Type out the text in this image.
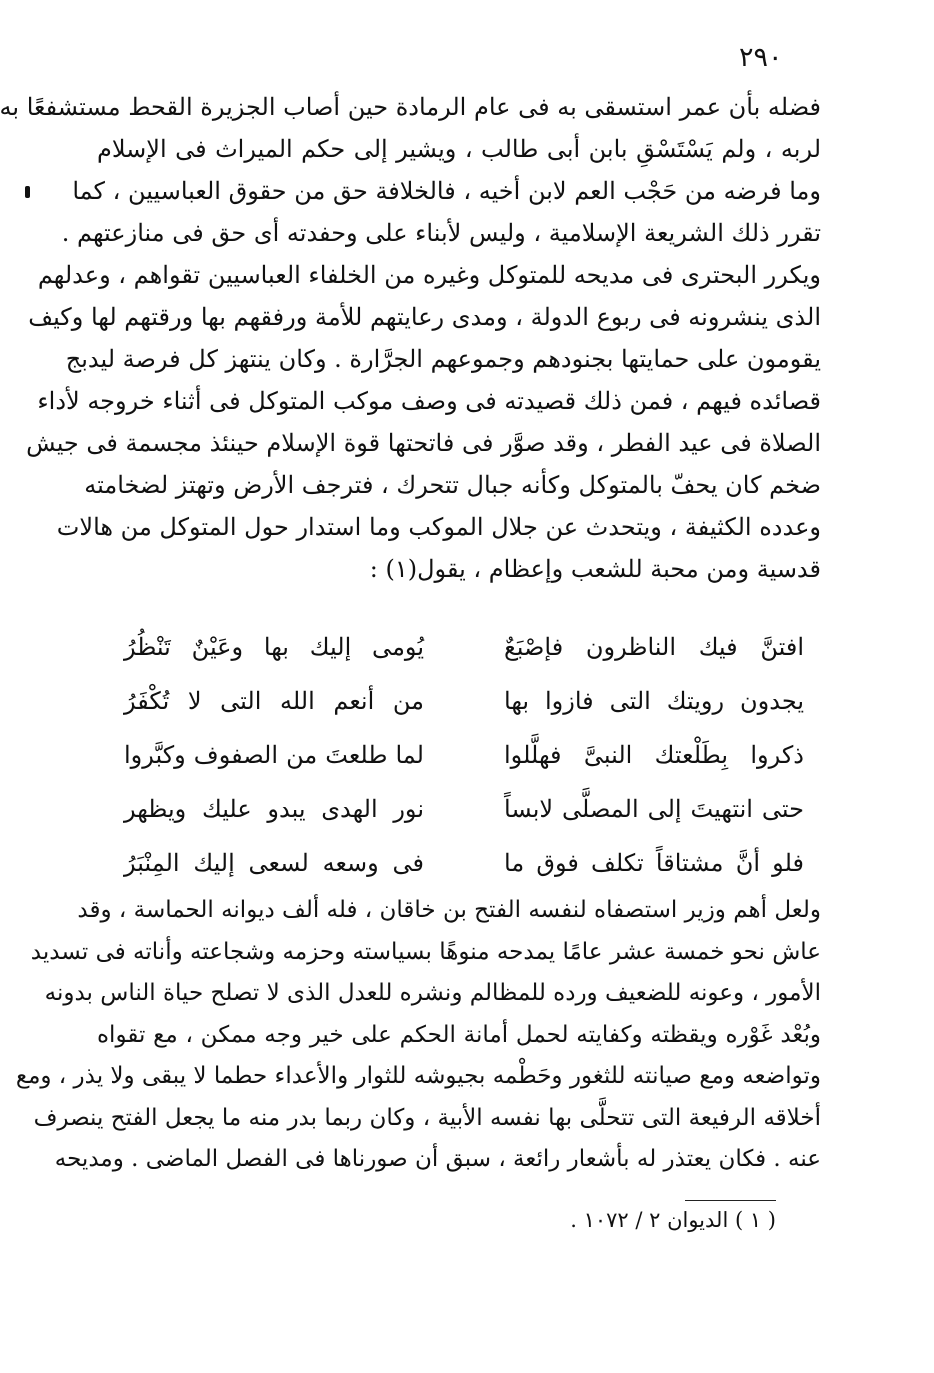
٢٩٠
فضله بأن عمر استسقى به فى عام الرمادة حين أصاب الجزيرة القحط مستشفعًا به
لربه ، ولم يَسْتَسْقِ بابن أبى طالب ، ويشير إلى حكم الميراث فى الإسلام
وما فرضه من حَجْب العم لابن أخيه ، فالخلافة حق من حقوق العباسيين ، كما
تقرر ذلك الشريعة الإسلامية ، وليس لأبناء على وحفدته أى حق فى منازعتهم .
ويكرر البحترى فى مديحه للمتوكل وغيره من الخلفاء العباسيين تقواهم ، وعدلهم
الذى ينشرونه فى ربوع الدولة ، ومدى رعايتهم للأمة ورفقهم بها ورقتهم لها وكيف
يقومون على حمايتها بجنودهم وجموعهم الجرَّارة . وكان ينتهز كل فرصة ليدبج
قصائده فيهم ، فمن ذلك قصيدته فى وصف موكب المتوكل فى أثناء خروجه لأداء
الصلاة فى عيد الفطر ، وقد صوَّر فى فاتحتها قوة الإسلام حينئذ مجسمة فى جيش
ضخم كان يحفّ بالمتوكل وكأنه جبال تتحرك ، فترجف الأرض وتهتز لضخامته
وعدده الكثيفة ، ويتحدث عن جلال الموكب وما استدار حول المتوكل من هالات
قدسية ومن محبة للشعب وإعظام ، يقول(١) :
افتنَّ فيك الناظرون فإصْبَعٌ
يُومى إليك بها وعَيْنٌ تَنْظُرُ
يجدون رويتك التى فازوا بها
من أنعم الله التى لا تُكْفَرُ
ذكروا بِطَلْعتك النبىَّ فهلَّلوا
لما طلعتَ من الصفوف وكبَّروا
حتى انتهيتَ إلى المصلَّى لابساً
نور الهدى يبدو عليك ويظهر
فلو أنَّ مشتاقاً تكلف فوق ما
فى وسعه لسعى إليك المِنْبَرُ
ولعل أهم وزير استصفاه لنفسه الفتح بن خاقان ، فله ألف ديوانه الحماسة ، وقد
عاش نحو خمسة عشر عامًا يمدحه منوهًا بسياسته وحزمه وشجاعته وأناته فى تسديد
الأمور ، وعونه للضعيف ورده للمظالم ونشره للعدل الذى لا تصلح حياة الناس بدونه
وبُعْد غَوْره ويقظته وكفايته لحمل أمانة الحكم على خير وجه ممكن ، مع تقواه
وتواضعه ومع صيانته للثغور وحَطْمه بجيوشه للثوار والأعداء حطما لا يبقى ولا يذر ، ومع
أخلاقه الرفيعة التى تتحلَّى بها نفسه الأبية ، وكان ربما بدر منه ما يجعل الفتح ينصرف
عنه . فكان يعتذر له بأشعار رائعة ، سبق أن صورناها فى الفصل الماضى . ومديحه
( ١ ) الديوان ٢ / ١٠٧٢ .
